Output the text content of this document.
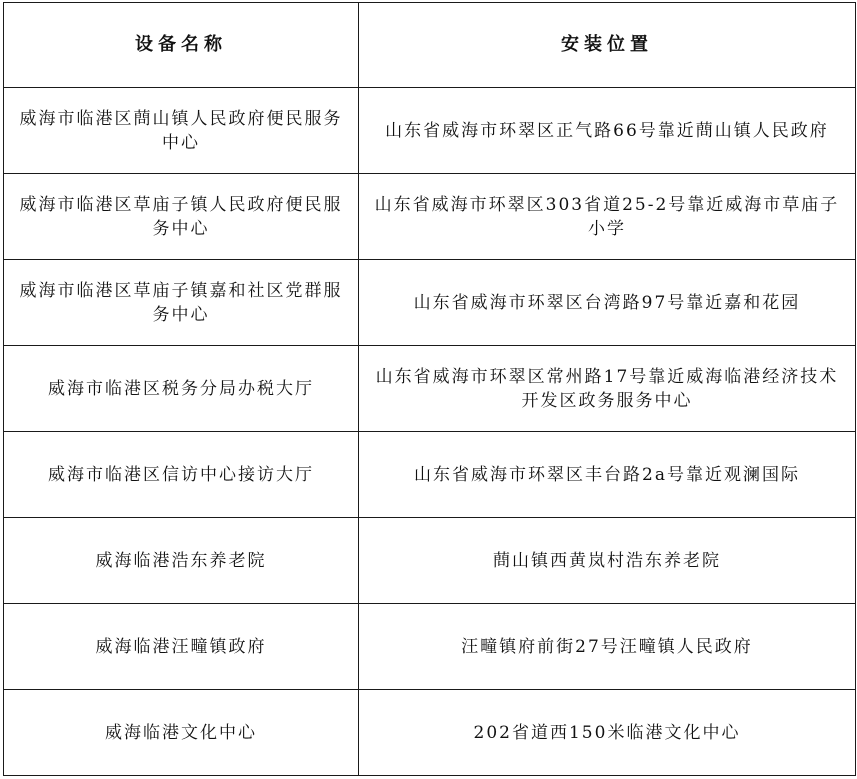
设备名称	安装位置
威海市临港区蔄山镇人民政府便民服务中心	山东省威海市环翠区正气路66号靠近蔄山镇人民政府
威海市临港区草庙子镇人民政府便民服务中心	山东省威海市环翠区303省道25-2号靠近威海市草庙子小学
威海市临港区草庙子镇嘉和社区党群服务中心	山东省威海市环翠区台湾路97号靠近嘉和花园
威海市临港区税务分局办税大厅	山东省威海市环翠区常州路17号靠近威海临港经济技术开发区政务服务中心
威海市临港区信访中心接访大厅	山东省威海市环翠区丰台路2a号靠近观澜国际
威海临港浩东养老院	蔄山镇西黄岚村浩东养老院
威海临港汪疃镇政府	汪疃镇府前街27号汪疃镇人民政府
威海临港文化中心	202省道西150米临港文化中心
